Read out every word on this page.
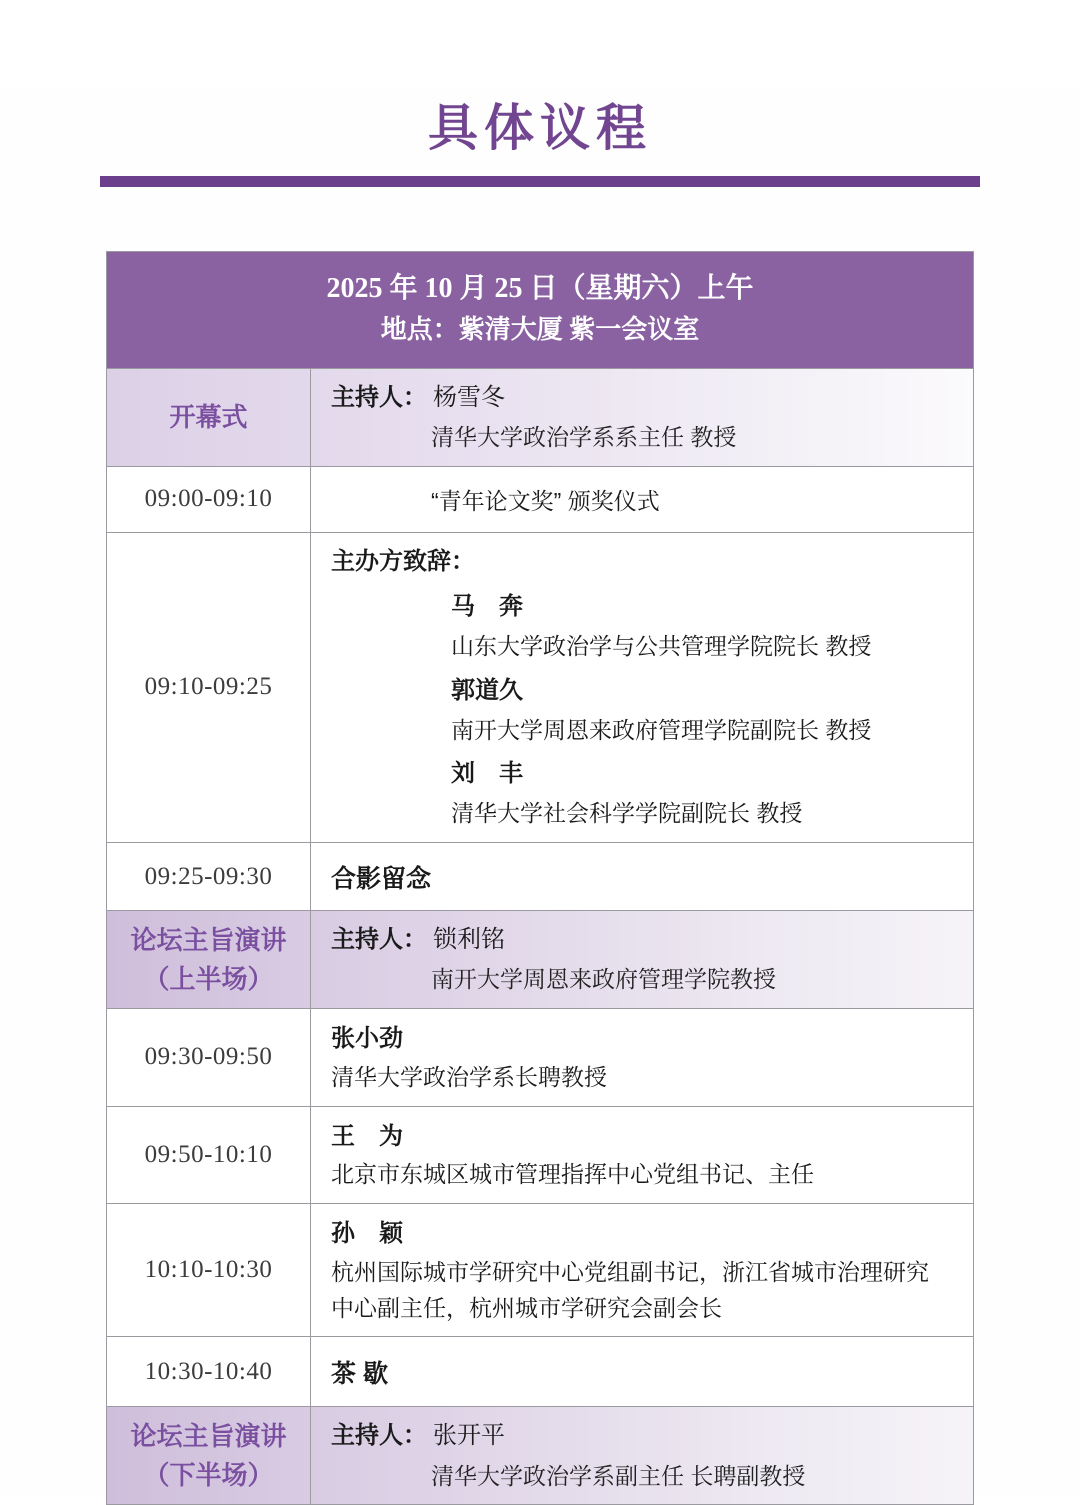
具体议程
2025 年 10 月 25 日（星期六）上午
地点：紫清大厦 紫一会议室
开幕式
主持人： 杨雪冬
清华大学政治学系系主任 教授
09:00-09:10	“青年论文奖” 颁奖仪式
09:10-09:25
主办方致辞：
马　奔
山东大学政治学与公共管理学院院长 教授
郭道久
南开大学周恩来政府管理学院副院长 教授
刘　丰
清华大学社会科学学院副院长 教授
09:25-09:30 合影留念
论坛主旨演讲
（上半场）
主持人： 锁利铭
南开大学周恩来政府管理学院教授
09:30-09:50
张小劲
清华大学政治学系长聘教授
09:50-10:10
王　为
北京市东城区城市管理指挥中心党组书记、主任
10:10-10:30
孙　颖
杭州国际城市学研究中心党组副书记，浙江省城市治理研究中心副主任，杭州城市学研究会副会长
10:30-10:40 茶 歇
论坛主旨演讲
（下半场）
主持人： 张开平
清华大学政治学系副主任 长聘副教授
